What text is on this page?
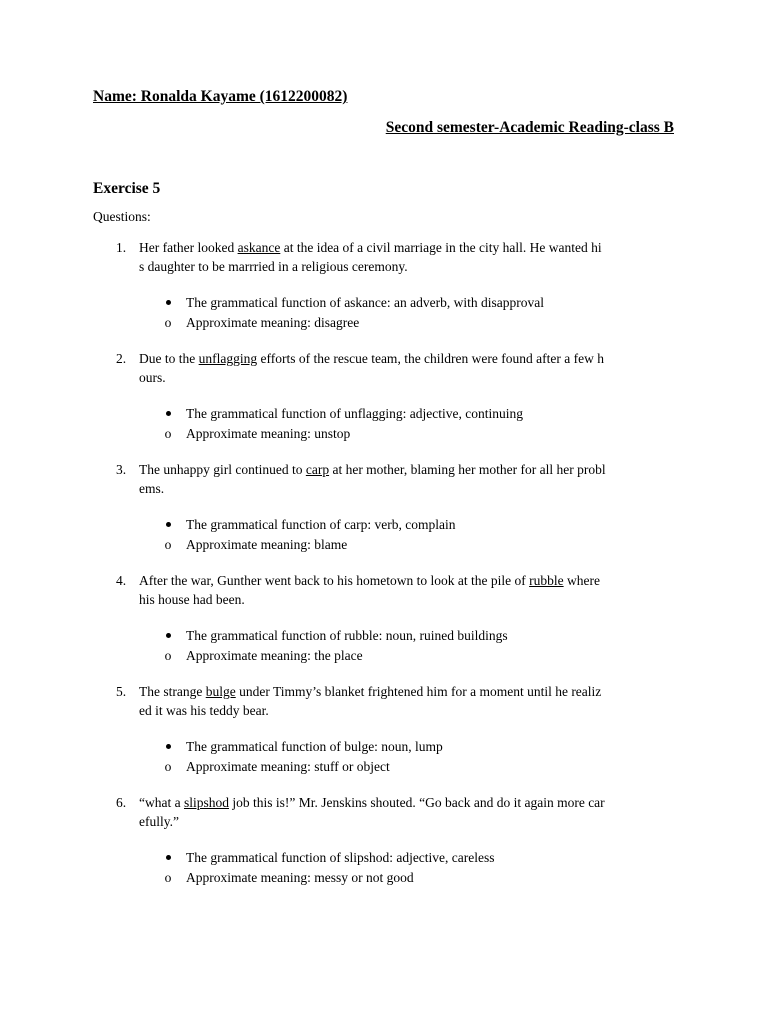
Name: Ronalda Kayame (1612200082)
Second semester-Academic Reading-class B
Exercise 5
Questions:
1. Her father looked askance at the idea of a civil marriage in the city hall. He wanted hi
s daughter to be marrried in a religious ceremony.
The grammatical function of askance: an adverb, with disapproval
o Approximate meaning: disagree
2. Due to the unflagging efforts of the rescue team, the children were found after a few h
ours.
The grammatical function of unflagging: adjective, continuing
o Approximate meaning: unstop
3. The unhappy girl continued to carp at her mother, blaming her mother for all her probl
ems.
The grammatical function of carp: verb, complain
o Approximate meaning: blame
4. After the war, Gunther went back to his hometown to look at the pile of rubble where
his house had been.
The grammatical function of rubble: noun, ruined buildings
o Approximate meaning: the place
5. The strange bulge under Timmy’s blanket frightened him for a moment until he realiz
ed it was his teddy bear.
The grammatical function of bulge: noun, lump
o Approximate meaning: stuff or object
6. “what a slipshod job this is!” Mr. Jenskins shouted. “Go back and do it again more car
efully.”
The grammatical function of slipshod: adjective, careless
o Approximate meaning: messy or not good
